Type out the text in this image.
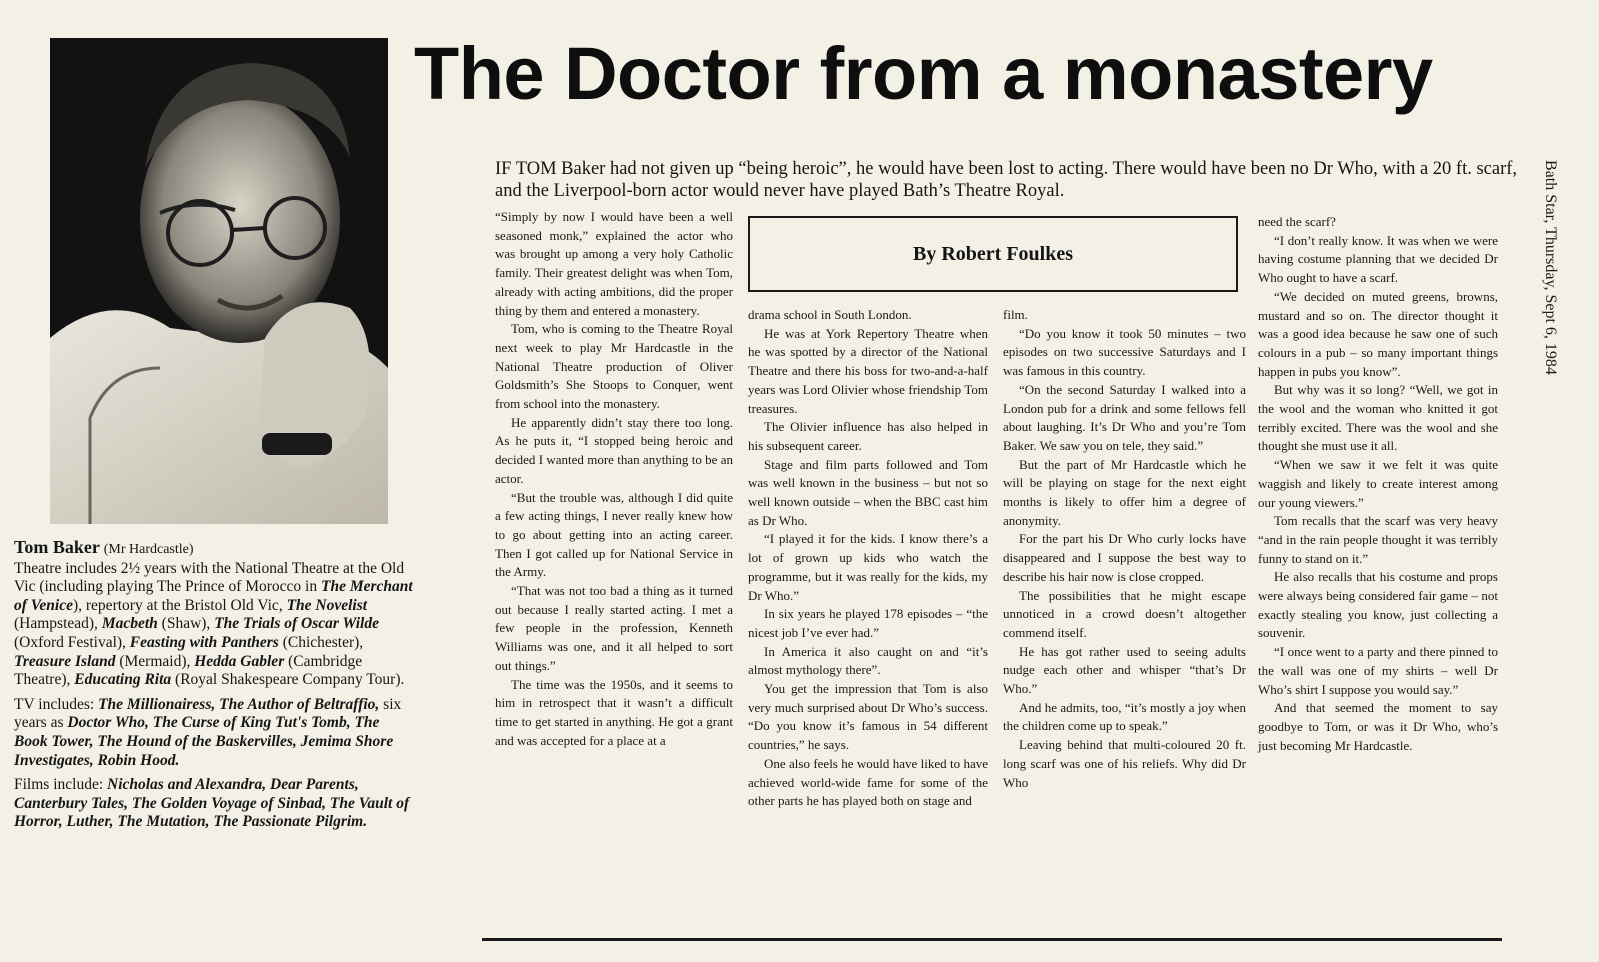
The Doctor from a monastery
Bath Star, Thursday, Sept 6, 1984
IF TOM Baker had not given up “being heroic”, he would have been lost to acting. There would have been no Dr Who, with a 20 ft. scarf, and the Liverpool-born actor would never have played Bath’s Theatre Royal.

“Simply by now I would have been a well seasoned monk,” explained the actor who was brought up among a very holy Catholic family. Their greatest delight was when Tom, already with acting ambitions, did the proper thing by them and entered a monastery.

Tom, who is coming to the Theatre Royal next week to play Mr Hardcastle in the National Theatre production of Oliver Goldsmith’s She Stoops to Conquer, went from school into the monastery.

He apparently didn’t stay there too long. As he puts it, “I stopped being heroic and decided I wanted more than anything to be an actor.

“But the trouble was, although I did quite a few acting things, I never really knew how to go about getting into an acting career. Then I got called up for National Service in the Army.

“That was not too bad a thing as it turned out because I really started acting. I met a few people in the profession, Kenneth Williams was one, and it all helped to sort out things.”

The time was the 1950s, and it seems to him in retrospect that it wasn’t a difficult time to get started in anything. He got a grant and was accepted for a place at a

drama school in South London.

He was at York Repertory Theatre when he was spotted by a director of the National Theatre and there his boss for two-and-a-half years was Lord Olivier whose friendship Tom treasures.

The Olivier influence has also helped in his subsequent career.

Stage and film parts followed and Tom was well known in the business – but not so well known outside – when the BBC cast him as Dr Who.

“I played it for the kids. I know there’s a lot of grown up kids who watch the programme, but it was really for the kids, my Dr Who.”

In six years he played 178 episodes – “the nicest job I’ve ever had.”

In America it also caught on and “it’s almost mythology there”.

You get the impression that Tom is also very much surprised about Dr Who’s success. “Do you know it’s famous in 54 different countries,” he says.

One also feels he would have liked to have achieved world-wide fame for some of the other parts he has played both on stage and

film.

“Do you know it took 50 minutes – two episodes on two successive Saturdays and I was famous in this country.

“On the second Saturday I walked into a London pub for a drink and some fellows fell about laughing. It’s Dr Who and you’re Tom Baker. We saw you on tele, they said.”

But the part of Mr Hardcastle which he will be playing on stage for the next eight months is likely to offer him a degree of anonymity.

For the part his Dr Who curly locks have disappeared and I suppose the best way to describe his hair now is close cropped.

The possibilities that he might escape unnoticed in a crowd doesn’t altogether commend itself.

He has got rather used to seeing adults nudge each other and whisper “that’s Dr Who.”

And he admits, too, “it’s mostly a joy when the children come up to speak.”

Leaving behind that multi-coloured 20 ft. long scarf was one of his reliefs. Why did Dr Who

need the scarf?

“I don’t really know. It was when we were having costume planning that we decided Dr Who ought to have a scarf.

“We decided on muted greens, browns, mustard and so on. The director thought it was a good idea because he saw one of such colours in a pub – so many important things happen in pubs you know”.

But why was it so long? “Well, we got in the wool and the woman who knitted it got terribly excited. There was the wool and she thought she must use it all.

“When we saw it we felt it was quite waggish and likely to create interest among our young viewers.”

Tom recalls that the scarf was very heavy “and in the rain people thought it was terribly funny to stand on it.”

He also recalls that his costume and props were always being considered fair game – not exactly stealing you know, just collecting a souvenir.

“I once went to a party and there pinned to the wall was one of my shirts – well Dr Who’s shirt I suppose you would say.”

And that seemed the moment to say goodbye to Tom, or was it Dr Who, who’s just becoming Mr Hardcastle.

By Robert Foulkes

Tom Baker (Mr Hardcastle)
Theatre includes 2½ years with the National Theatre at the Old Vic (including playing The Prince of Morocco in The Merchant of Venice), repertory at the Bristol Old Vic, The Novelist (Hampstead), Macbeth (Shaw), The Trials of Oscar Wilde (Oxford Festival), Feasting with Panthers (Chichester), Treasure Island (Mermaid), Hedda Gabler (Cambridge Theatre), Educating Rita (Royal Shakespeare Company Tour).

TV includes: The Millionairess, The Author of Beltraffio, six years as Doctor Who, The Curse of King Tut's Tomb, The Book Tower, The Hound of the Baskervilles, Jemima Shore Investigates, Robin Hood.

Films include: Nicholas and Alexandra, Dear Parents, Canterbury Tales, The Golden Voyage of Sinbad, The Vault of Horror, Luther, The Mutation, The Passionate Pilgrim.
